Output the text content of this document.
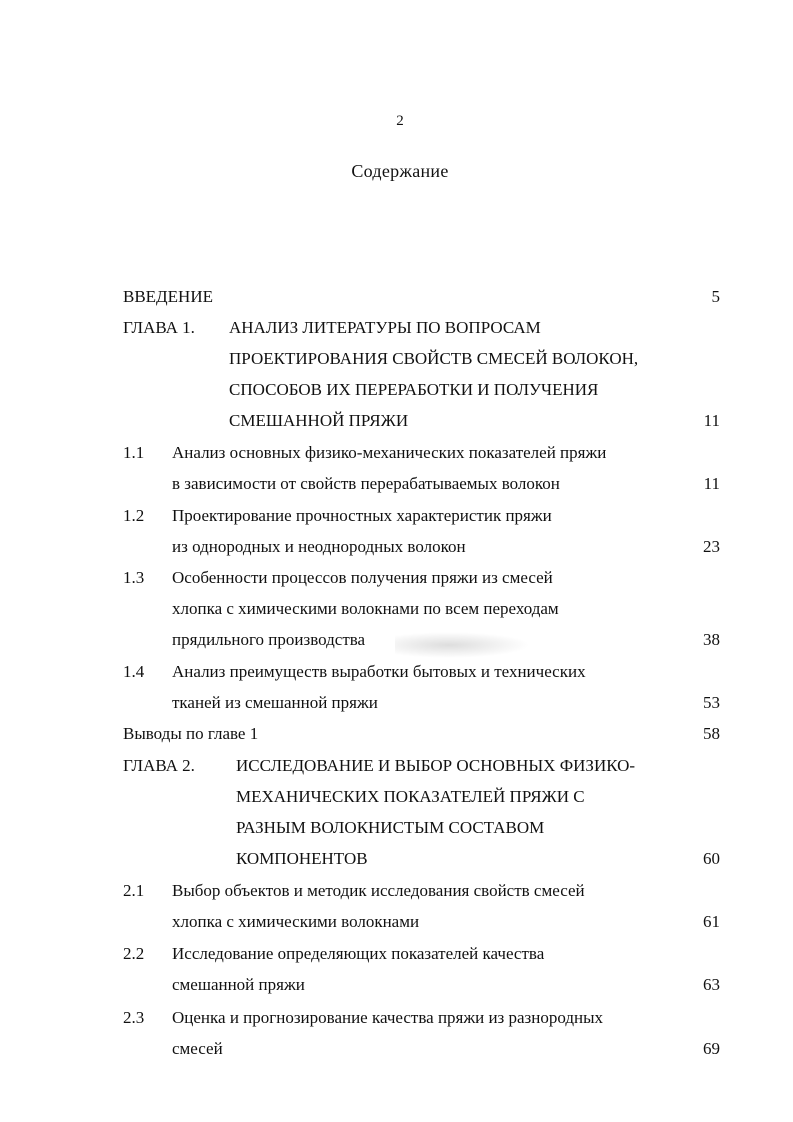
2
Содержание
ВВЕДЕНИЕ	5
ГЛАВА 1. АНАЛИЗ ЛИТЕРАТУРЫ ПО ВОПРОСАМ
ПРОЕКТИРОВАНИЯ СВОЙСТВ СМЕСЕЙ ВОЛОКОН,
СПОСОБОВ ИХ ПЕРЕРАБОТКИ И ПОЛУЧЕНИЯ
СМЕШАННОЙ ПРЯЖИ	11
1.1 Анализ основных физико-механических показателей пряжи
в зависимости от свойств перерабатываемых волокон	11
1.2 Проектирование прочностных характеристик пряжи
из однородных и неоднородных волокон	23
1.3 Особенности процессов получения пряжи из смесей
хлопка с химическими волокнами по всем переходам
прядильного производства	38
1.4 Анализ преимуществ выработки бытовых и технических
тканей из смешанной пряжи	53
Выводы по главе 1	58
ГЛАВА 2. ИССЛЕДОВАНИЕ И ВЫБОР ОСНОВНЫХ ФИЗИКО-
МЕХАНИЧЕСКИХ ПОКАЗАТЕЛЕЙ ПРЯЖИ С
РАЗНЫМ ВОЛОКНИСТЫМ СОСТАВОМ
КОМПОНЕНТОВ	60
2.1 Выбор объектов и методик исследования свойств смесей
хлопка с химическими волокнами	61
2.2 Исследование определяющих показателей качества
смешанной пряжи	63
2.3 Оценка и прогнозирование качества пряжи из разнородных
смесей	69
